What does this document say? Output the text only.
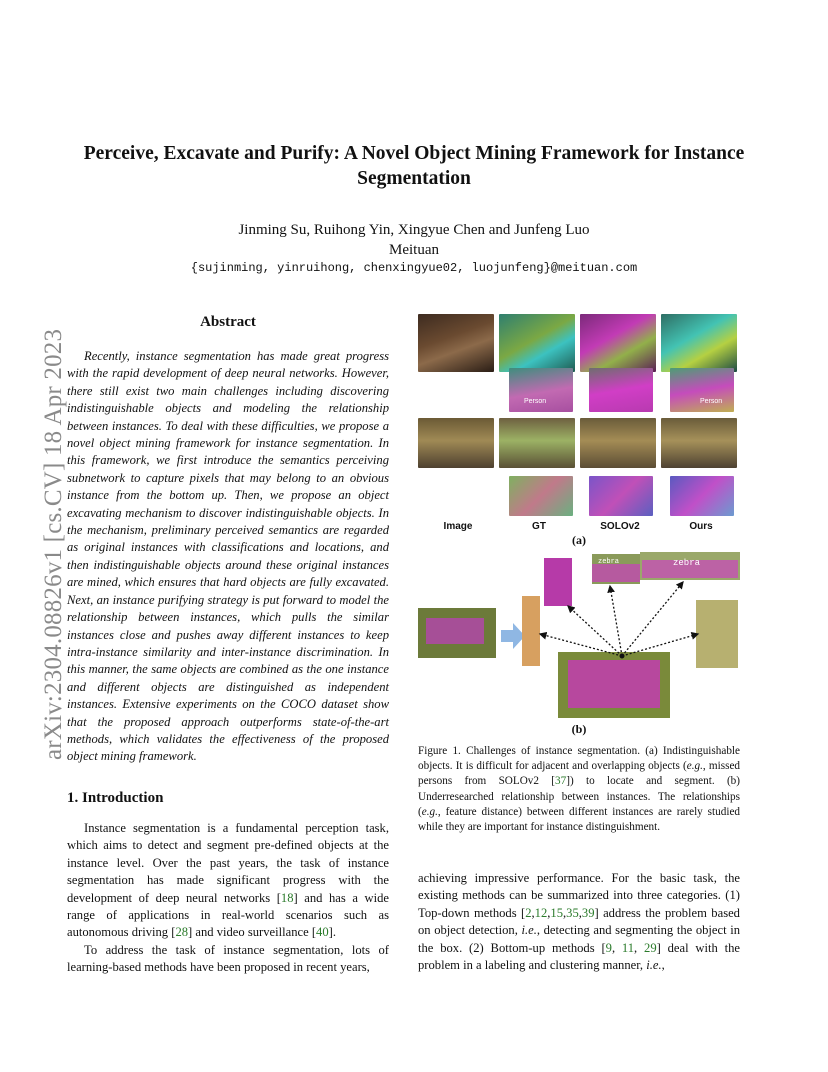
arXiv:2304.08826v1 [cs.CV] 18 Apr 2023
Perceive, Excavate and Purify: A Novel Object Mining Framework for Instance Segmentation
Jinming Su, Ruihong Yin, Xingyue Chen and Junfeng Luo
Meituan
{sujinming, yinruihong, chenxingyue02, luojunfeng}@meituan.com
Abstract

Recently, instance segmentation has made great progress with the rapid development of deep neural networks. However, there still exist two main challenges including discovering indistinguishable objects and modeling the relationship between instances. To deal with these difficulties, we propose a novel object mining framework for instance segmentation. In this framework, we first introduce the semantics perceiving subnetwork to capture pixels that may belong to an obvious instance from the bottom up. Then, we propose an object excavating mechanism to discover indistinguishable objects. In the mechanism, preliminary perceived semantics are regarded as original instances with classifications and locations, and then indistinguishable objects around these original instances are mined, which ensures that hard objects are fully excavated. Next, an instance purifying strategy is put forward to model the relationship between instances, which pulls the similar instances close and pushes away different instances to keep intra-instance similarity and inter-instance discrimination. In this manner, the same objects are combined as the one instance and different objects are distinguished as independent instances. Extensive experiments on the COCO dataset show that the proposed approach outperforms state-of-the-art methods, which validates the effectiveness of the proposed object mining framework.

1. Introduction

Instance segmentation is a fundamental perception task, which aims to detect and segment pre-defined objects at the instance level. Over the past years, the task of instance segmentation has made significant progress with the development of deep neural networks [18] and has a wide range of applications in real-world scenarios such as autonomous driving [28] and video surveillance [40].

To address the task of instance segmentation, lots of learning-based methods have been proposed in recent years,

Person	Person
Image	GT	SOLOv2	Ours
(a)
zebra	zebra
(b)
Figure 1. Challenges of instance segmentation. (a) Indistinguishable objects. It is difficult for adjacent and overlapping objects (e.g., missed persons from SOLOv2 [37]) to locate and segment. (b) Underresearched relationship between instances. The relationships (e.g., feature distance) between different instances are rarely studied while they are important for instance distinguishment.

achieving impressive performance. For the basic task, the existing methods can be summarized into three categories. (1) Top-down methods [2,12,15,35,39] address the problem based on object detection, i.e., detecting and segmenting the object in the box. (2) Bottom-up methods [9, 11, 29] deal with the problem in a labeling and clustering manner, i.e.,
